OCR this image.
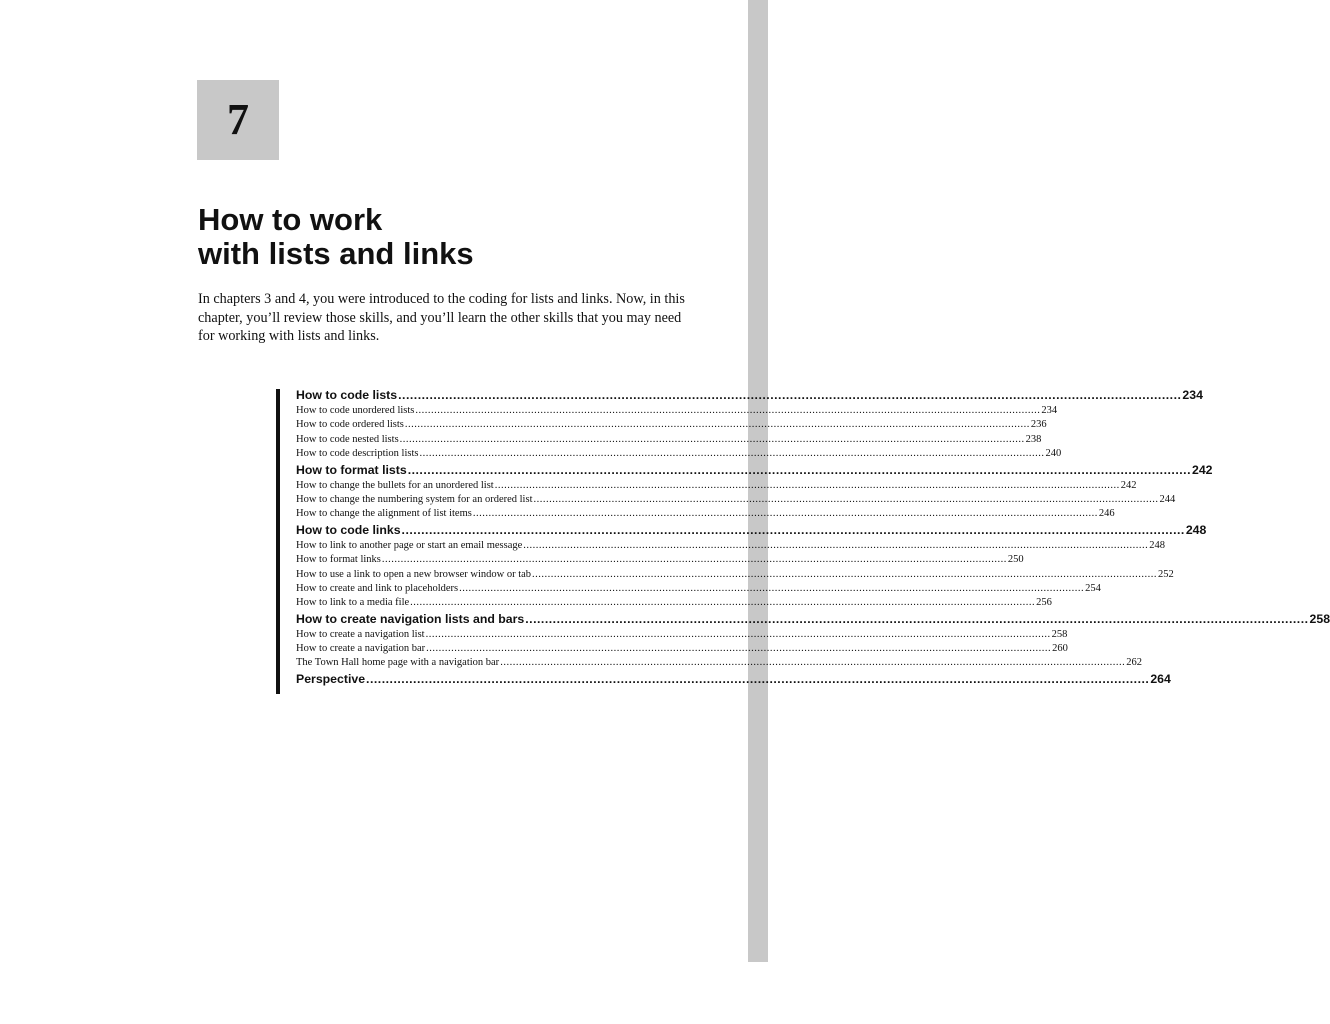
7
How to work
with lists and links

In chapters 3 and 4, you were introduced to the coding for lists and links. Now, in this chapter, you’ll review those skills, and you’ll learn the other skills that you may need for working with lists and links.

How to code lists ........................................................................................................................................................................................................ 234
How to code unordered lists ........................................................................................................................................................................................................ 234
How to code ordered lists ........................................................................................................................................................................................................ 236
How to code nested lists ........................................................................................................................................................................................................ 238
How to code description lists ........................................................................................................................................................................................................ 240
How to format lists ........................................................................................................................................................................................................ 242
How to change the bullets for an unordered list ........................................................................................................................................................................................................ 242
How to change the numbering system for an ordered list ........................................................................................................................................................................................................ 244
How to change the alignment of list items ........................................................................................................................................................................................................ 246
How to code links ........................................................................................................................................................................................................ 248
How to link to another page or start an email message ........................................................................................................................................................................................................ 248
How to format links ........................................................................................................................................................................................................ 250
How to use a link to open a new browser window or tab ........................................................................................................................................................................................................ 252
How to create and link to placeholders ........................................................................................................................................................................................................ 254
How to link to a media file ........................................................................................................................................................................................................ 256
How to create navigation lists and bars ........................................................................................................................................................................................................ 258
How to create a navigation list ........................................................................................................................................................................................................ 258
How to create a navigation bar ........................................................................................................................................................................................................ 260
The Town Hall home page with a navigation bar ........................................................................................................................................................................................................ 262
Perspective ........................................................................................................................................................................................................ 264
